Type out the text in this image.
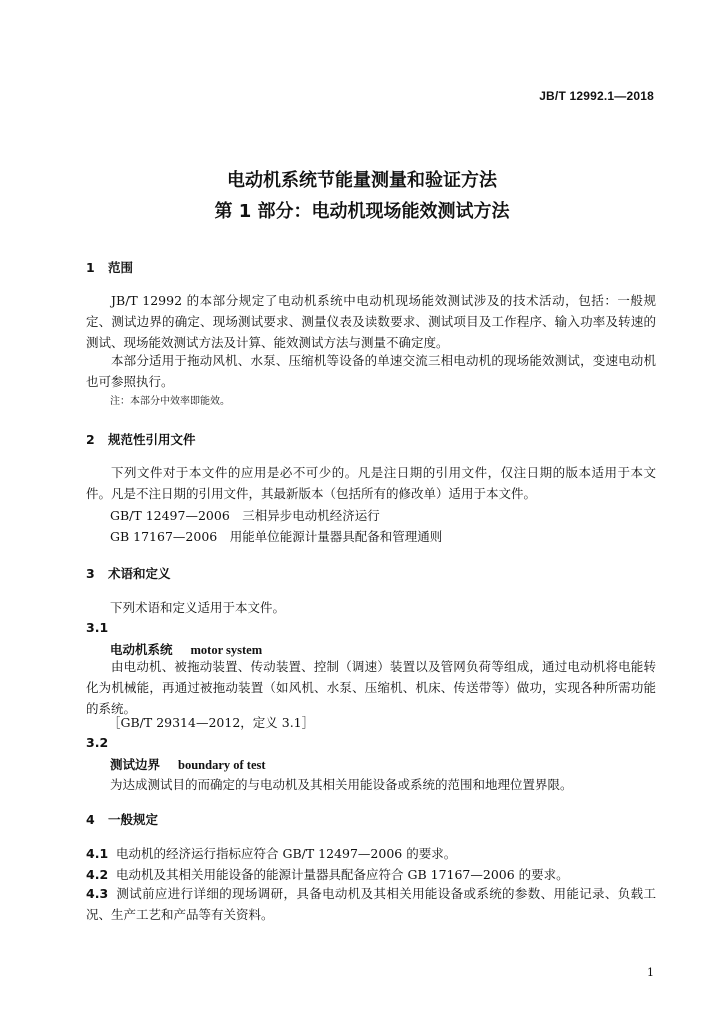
JB/T 12992.1—2018
电动机系统节能量测量和验证方法
第 1 部分：电动机现场能效测试方法
1 范围
JB/T 12992 的本部分规定了电动机系统中电动机现场能效测试涉及的技术活动，包括：一般规定、测试边界的确定、现场测试要求、测量仪表及读数要求、测试项目及工作程序、输入功率及转速的测试、现场能效测试方法及计算、能效测试方法与测量不确定度。
本部分适用于拖动风机、水泵、压缩机等设备的单速交流三相电动机的现场能效测试，变速电动机也可参照执行。
注：本部分中效率即能效。
2 规范性引用文件
下列文件对于本文件的应用是必不可少的。凡是注日期的引用文件，仅注日期的版本适用于本文件。凡是不注日期的引用文件，其最新版本（包括所有的修改单）适用于本文件。
GB/T 12497—2006　三相异步电动机经济运行
GB 17167—2006　用能单位能源计量器具配备和管理通则
3 术语和定义
下列术语和定义适用于本文件。
3.1
电动机系统 motor system
由电动机、被拖动装置、传动装置、控制（调速）装置以及管网负荷等组成，通过电动机将电能转化为机械能，再通过被拖动装置（如风机、水泵、压缩机、机床、传送带等）做功，实现各种所需功能的系统。
［GB/T 29314—2012，定义 3.1］
3.2
测试边界 boundary of test
为达成测试目的而确定的与电动机及其相关用能设备或系统的范围和地理位置界限。
4 一般规定
4.1 电动机的经济运行指标应符合 GB/T 12497—2006 的要求。
4.2 电动机及其相关用能设备的能源计量器具配备应符合 GB 17167—2006 的要求。
4.3 测试前应进行详细的现场调研，具备电动机及其相关用能设备或系统的参数、用能记录、负载工况、生产工艺和产品等有关资料。
1
